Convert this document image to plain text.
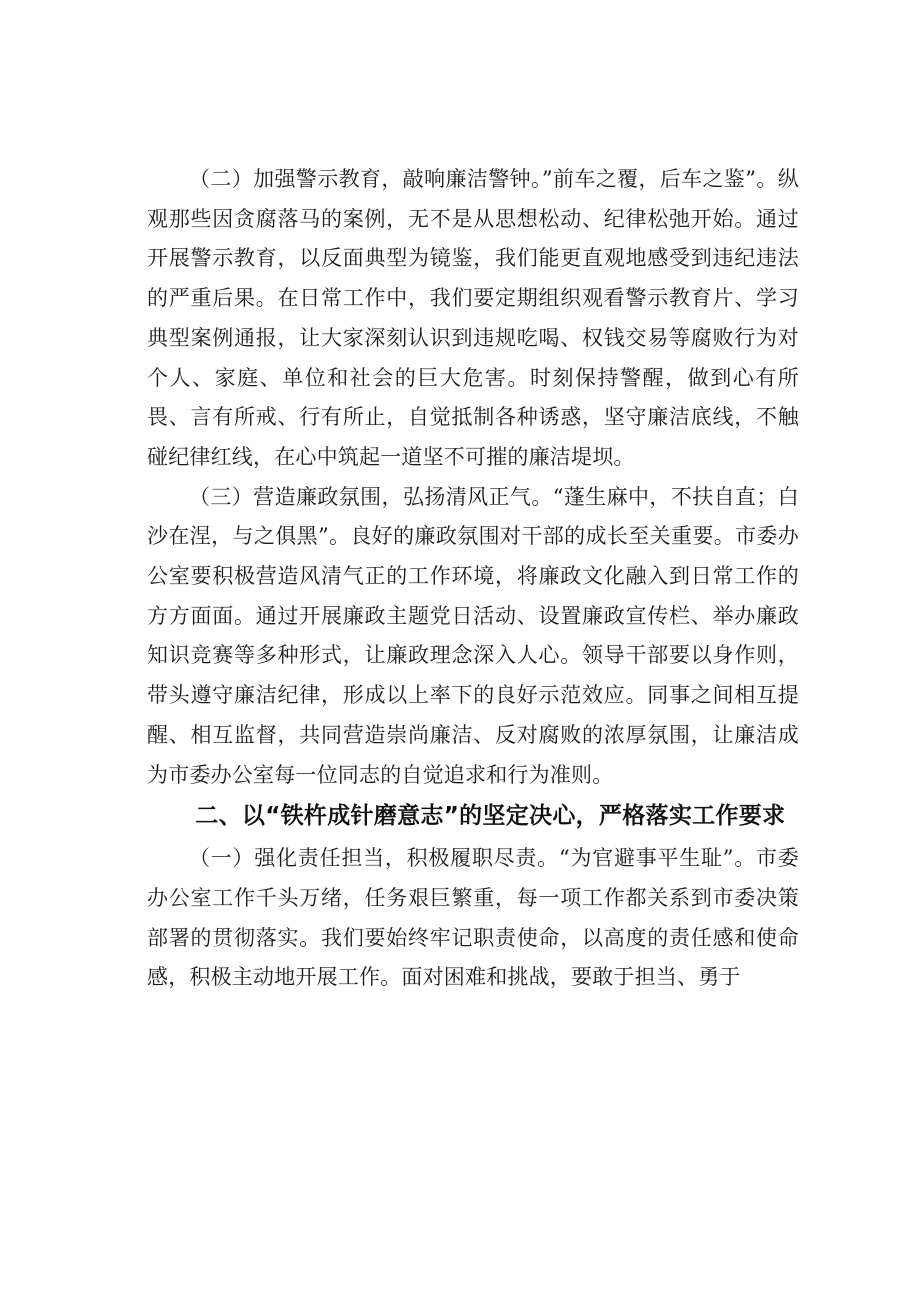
（二）加强警示教育，敲响廉洁警钟。”前车之覆，后车之鉴”。纵观那些因贪腐落马的案例，无不是从思想松动、纪律松弛开始。通过开展警示教育，以反面典型为镜鉴，我们能更直观地感受到违纪违法的严重后果。在日常工作中，我们要定期组织观看警示教育片、学习典型案例通报，让大家深刻认识到违规吃喝、权钱交易等腐败行为对个人、家庭、单位和社会的巨大危害。时刻保持警醒，做到心有所畏、言有所戒、行有所止，自觉抵制各种诱惑，坚守廉洁底线，不触碰纪律红线，在心中筑起一道坚不可摧的廉洁堤坝。

（三）营造廉政氛围，弘扬清风正气。“蓬生麻中，不扶自直；白沙在涅，与之俱黑”。良好的廉政氛围对干部的成长至关重要。市委办公室要积极营造风清气正的工作环境，将廉政文化融入到日常工作的方方面面。通过开展廉政主题党日活动、设置廉政宣传栏、举办廉政知识竞赛等多种形式，让廉政理念深入人心。领导干部要以身作则，带头遵守廉洁纪律，形成以上率下的良好示范效应。同事之间相互提醒、相互监督，共同营造崇尚廉洁、反对腐败的浓厚氛围，让廉洁成为市委办公室每一位同志的自觉追求和行为准则。

二、以“铁杵成针磨意志”的坚定决心，严格落实工作要求

（一）强化责任担当，积极履职尽责。“为官避事平生耻”。市委办公室工作千头万绪，任务艰巨繁重，每一项工作都关系到市委决策部署的贯彻落实。我们要始终牢记职责使命，以高度的责任感和使命感，积极主动地开展工作。面对困难和挑战，要敢于担当、勇于
